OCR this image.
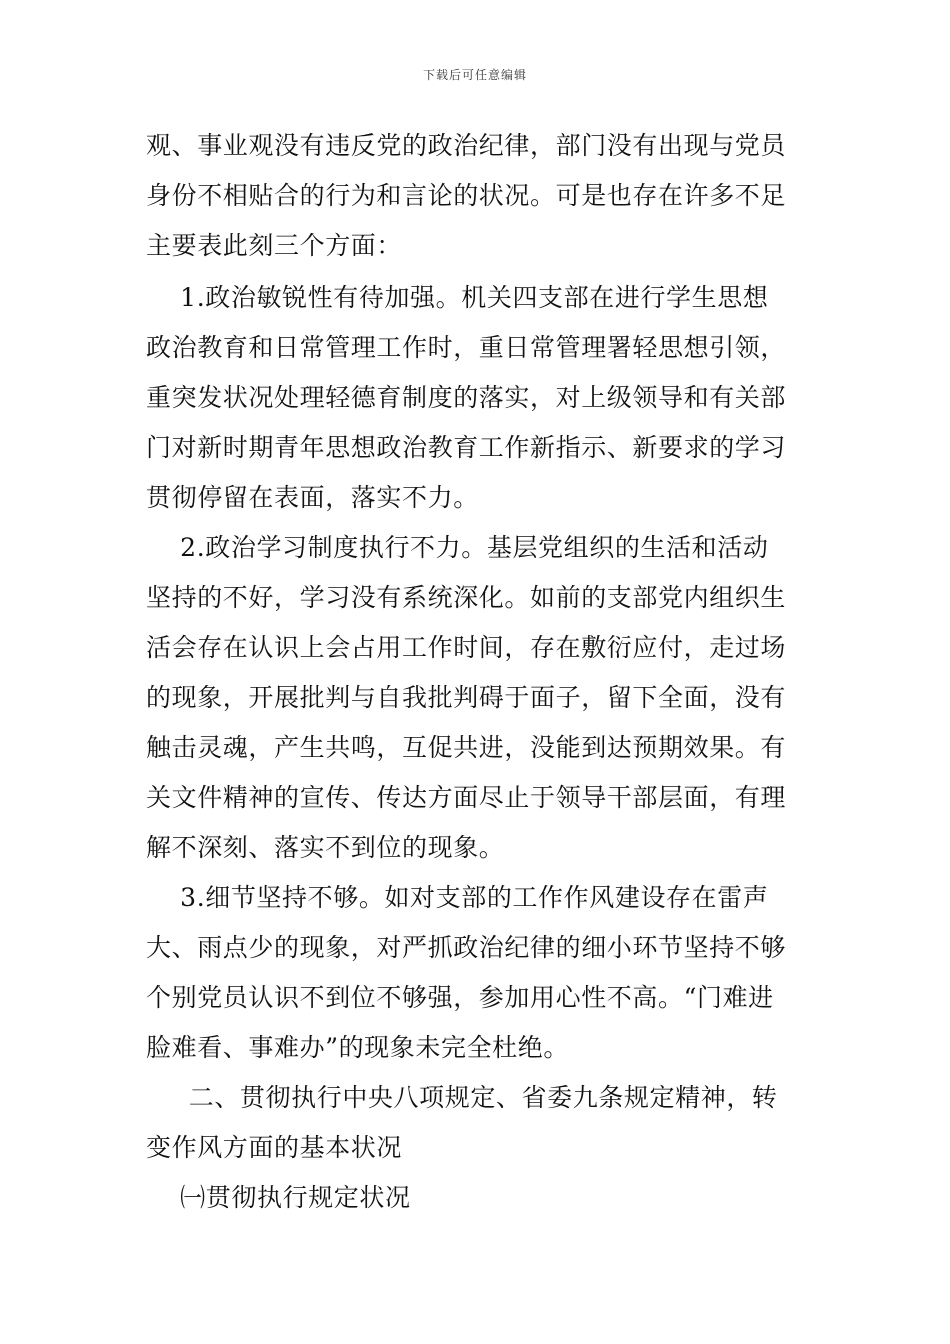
下载后可任意编辑
观、事业观没有违反党的政治纪律，部门没有出现与党员
身份不相贴合的行为和言论的状况。可是也存在许多不足
主要表此刻三个方面：
1.政治敏锐性有待加强。机关四支部在进行学生思想
政治教育和日常管理工作时，重日常管理署轻思想引领，
重突发状况处理轻德育制度的落实，对上级领导和有关部
门对新时期青年思想政治教育工作新指示、新要求的学习
贯彻停留在表面，落实不力。
2.政治学习制度执行不力。基层党组织的生活和活动
坚持的不好，学习没有系统深化。如前的支部党内组织生
活会存在认识上会占用工作时间，存在敷衍应付，走过场
的现象，开展批判与自我批判碍于面子，留下全面，没有
触击灵魂，产生共鸣，互促共进，没能到达预期效果。有
关文件精神的宣传、传达方面尽止于领导干部层面，有理
解不深刻、落实不到位的现象。
3.细节坚持不够。如对支部的工作作风建设存在雷声
大、雨点少的现象，对严抓政治纪律的细小环节坚持不够
个别党员认识不到位不够强，参加用心性不高。“门难进
脸难看、事难办”的现象未完全杜绝。
二、贯彻执行中央八项规定、省委九条规定精神，转
变作风方面的基本状况
㈠贯彻执行规定状况
